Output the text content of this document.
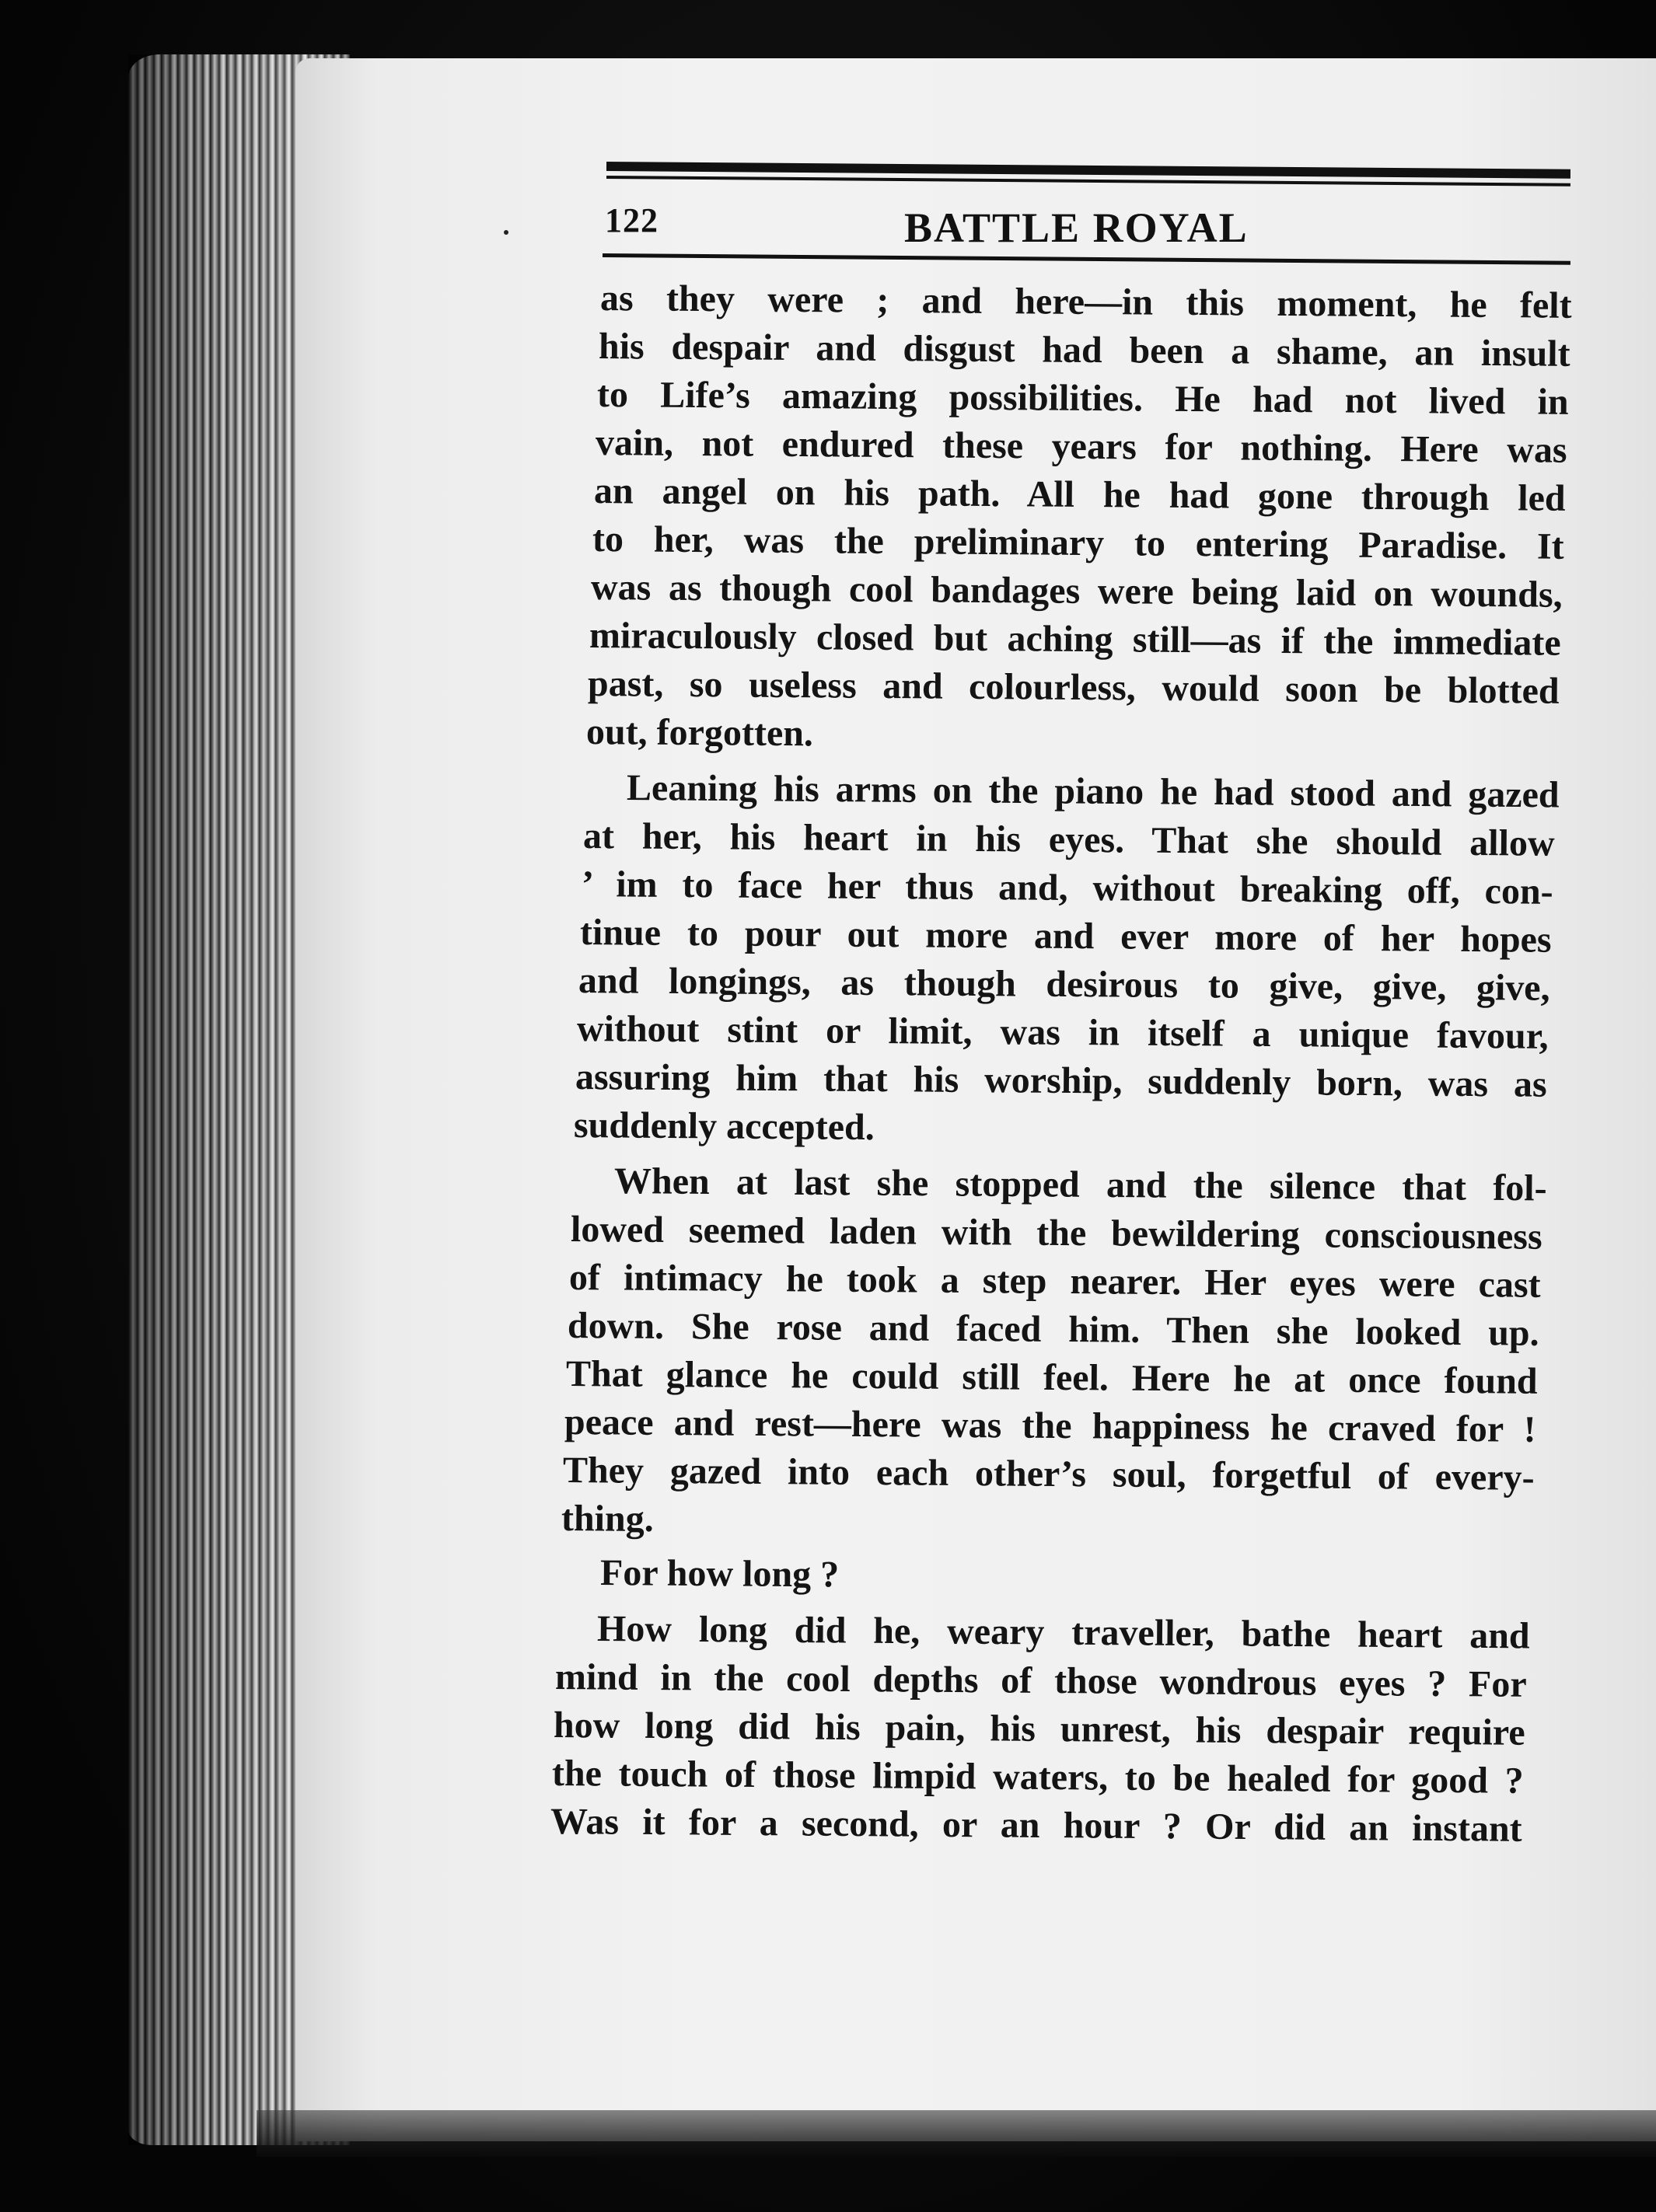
122	BATTLE ROYAL
as they were ; and here—in this moment, he felt
his despair and disgust had been a shame, an insult
to Life’s amazing possibilities. He had not lived in
vain, not endured these years for nothing. Here was
an angel on his path. All he had gone through led
to her, was the preliminary to entering Paradise. It
was as though cool bandages were being laid on wounds,
miraculously closed but aching still—as if the immediate
past, so useless and colourless, would soon be blotted
out, forgotten.
Leaning his arms on the piano he had stood and gazed
at her, his heart in his eyes. That she should allow
’ im to face her thus and, without breaking off, con-
tinue to pour out more and ever more of her hopes
and longings, as though desirous to give, give, give,
without stint or limit, was in itself a unique favour,
assuring him that his worship, suddenly born, was as
suddenly accepted.
When at last she stopped and the silence that fol-
lowed seemed laden with the bewildering consciousness
of intimacy he took a step nearer. Her eyes were cast
down. She rose and faced him. Then she looked up.
That glance he could still feel. Here he at once found
peace and rest—here was the happiness he craved for !
They gazed into each other’s soul, forgetful of every-
thing.
For how long ?
How long did he, weary traveller, bathe heart and
mind in the cool depths of those wondrous eyes ? For
how long did his pain, his unrest, his despair require
the touch of those limpid waters, to be healed for good ?
Was it for a second, or an hour ? Or did an instant
